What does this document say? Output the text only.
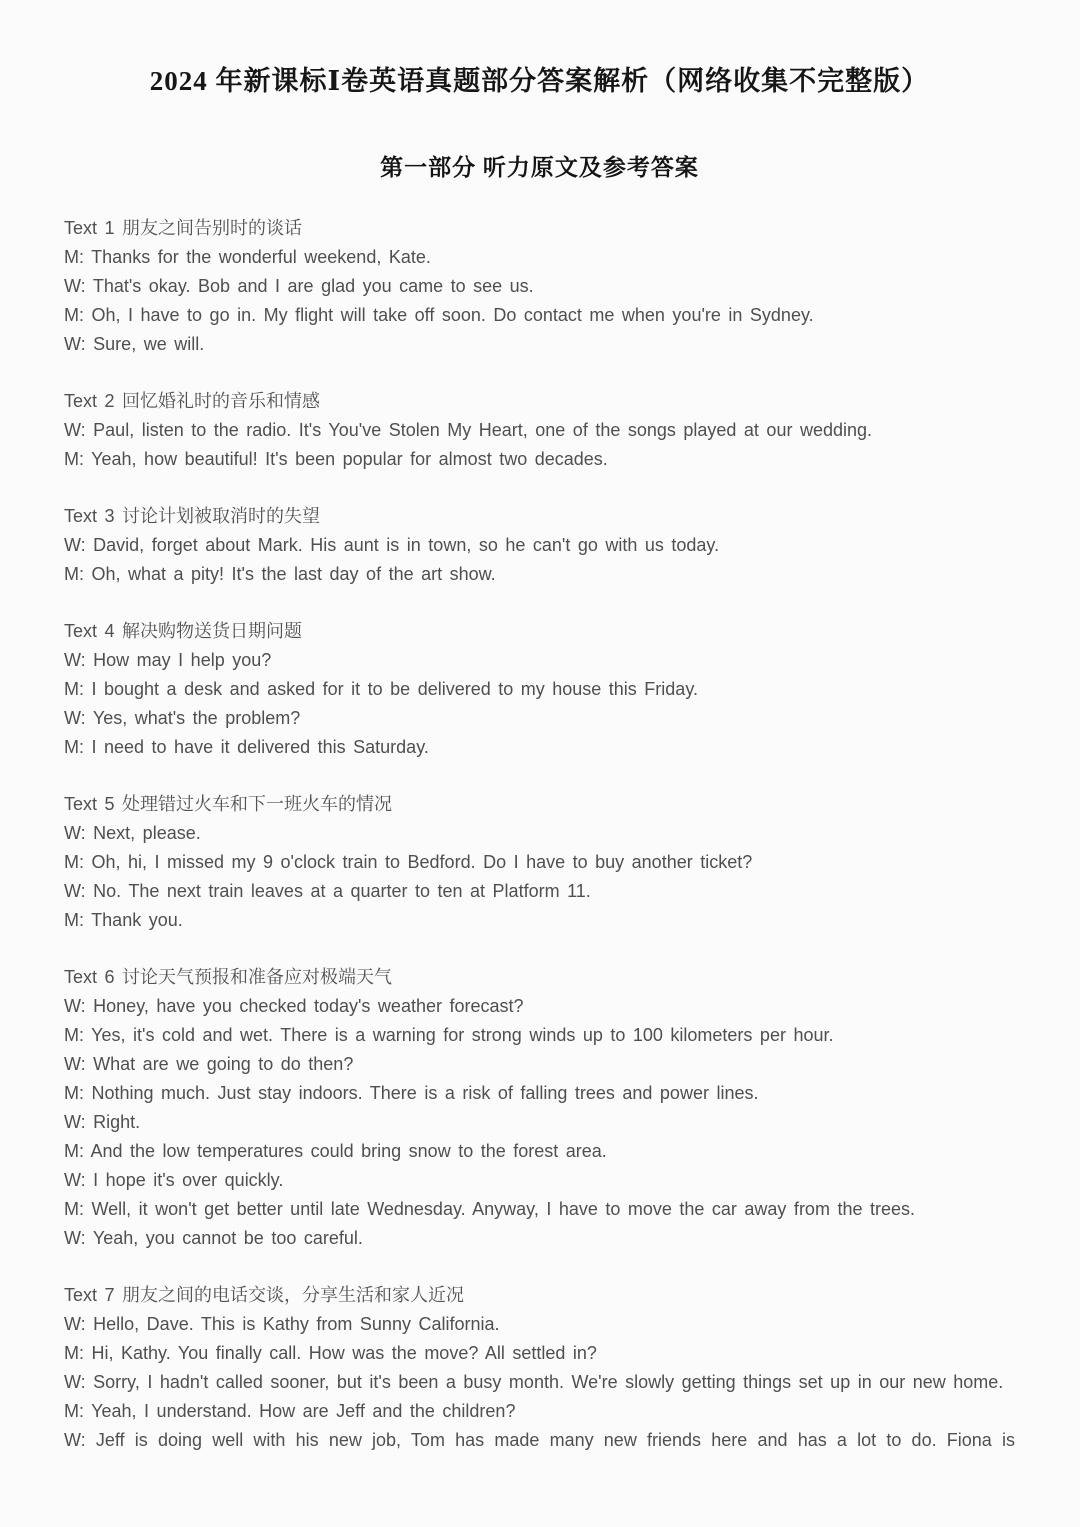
2024 年新课标Ⅰ卷英语真题部分答案解析（网络收集不完整版）
第一部分 听力原文及参考答案
Text 1 朋友之间告别时的谈话
M: Thanks for the wonderful weekend, Kate.
W: That's okay. Bob and I are glad you came to see us.
M: Oh, I have to go in. My flight will take off soon. Do contact me when you're in Sydney.
W: Sure, we will.
Text 2 回忆婚礼时的音乐和情感
W: Paul, listen to the radio. It's You've Stolen My Heart, one of the songs played at our wedding.
M: Yeah, how beautiful! It's been popular for almost two decades.
Text 3 讨论计划被取消时的失望
W: David, forget about Mark. His aunt is in town, so he can't go with us today.
M: Oh, what a pity! It's the last day of the art show.
Text 4 解决购物送货日期问题
W: How may I help you?
M: I bought a desk and asked for it to be delivered to my house this Friday.
W: Yes, what's the problem?
M: I need to have it delivered this Saturday.
Text 5 处理错过火车和下一班火车的情况
W: Next, please.
M: Oh, hi, I missed my 9 o'clock train to Bedford. Do I have to buy another ticket?
W: No. The next train leaves at a quarter to ten at Platform 11.
M: Thank you.
Text 6 讨论天气预报和准备应对极端天气
W: Honey, have you checked today's weather forecast?
M: Yes, it's cold and wet. There is a warning for strong winds up to 100 kilometers per hour.
W: What are we going to do then?
M: Nothing much. Just stay indoors. There is a risk of falling trees and power lines.
W: Right.
M: And the low temperatures could bring snow to the forest area.
W: I hope it's over quickly.
M: Well, it won't get better until late Wednesday. Anyway, I have to move the car away from the trees.
W: Yeah, you cannot be too careful.
Text 7 朋友之间的电话交谈，分享生活和家人近况
W: Hello, Dave. This is Kathy from Sunny California.
M: Hi, Kathy. You finally call. How was the move? All settled in?
W: Sorry, I hadn't called sooner, but it's been a busy month. We're slowly getting things set up in our new home.
M: Yeah, I understand. How are Jeff and the children?
W: Jeff is doing well with his new job, Tom has made many new friends here and has a lot to do. Fiona is
